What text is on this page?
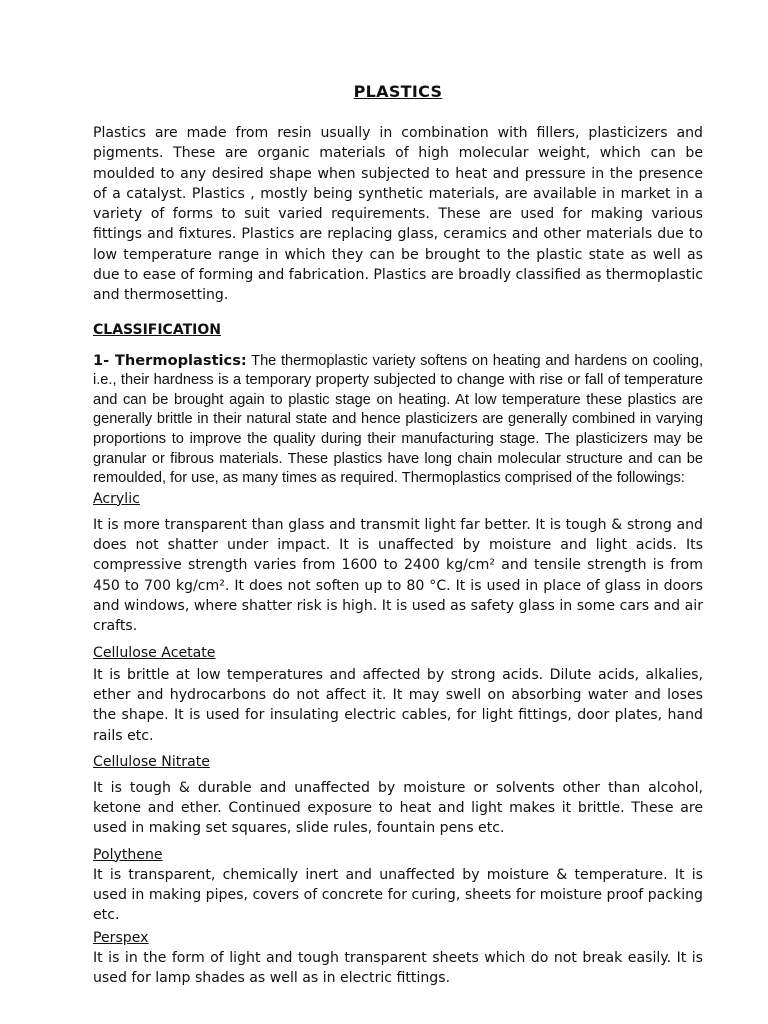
PLASTICS

Plastics are made from resin usually in combination with fillers, plasticizers and pigments. These are organic materials of high molecular weight, which can be moulded to any desired shape when subjected to heat and pressure in the presence of a catalyst. Plastics , mostly being synthetic materials, are available in market in a variety of forms to suit varied requirements. These are used for making various fittings and fixtures. Plastics are replacing glass, ceramics and other materials due to low temperature range in which they can be brought to the plastic state as well as due to ease of forming and fabrication. Plastics are broadly classified as thermoplastic and thermosetting.

CLASSIFICATION

1- Thermoplastics: The thermoplastic variety softens on heating and hardens on cooling, i.e., their hardness is a temporary property subjected to change with rise or fall of temperature and can be brought again to plastic stage on heating. At low temperature these plastics are generally brittle in their natural state and hence plasticizers are generally combined in varying proportions to improve the quality during their manufacturing stage. The plasticizers may be granular or fibrous materials. These plastics have long chain molecular structure and can be remoulded, for use, as many times as required. Thermoplastics comprised of the followings:

Acrylic

It is more transparent than glass and transmit light far better. It is tough & strong and does not shatter under impact. It is unaffected by moisture and light acids. Its compressive strength varies from 1600 to 2400 kg/cm² and tensile strength is from 450 to 700 kg/cm². It does not soften up to 80 °C. It is used in place of glass in doors and windows, where shatter risk is high. It is used as safety glass in some cars and air crafts.

Cellulose Acetate

It is brittle at low temperatures and affected by strong acids. Dilute acids, alkalies, ether and hydrocarbons do not affect it. It may swell on absorbing water and loses the shape. It is used for insulating electric cables, for light fittings, door plates, hand rails etc.

Cellulose Nitrate

It is tough & durable and unaffected by moisture or solvents other than alcohol, ketone and ether. Continued exposure to heat and light makes it brittle. These are used in making set squares, slide rules, fountain pens etc.

Polythene

It is transparent, chemically inert and unaffected by moisture & temperature. It is used in making pipes, covers of concrete for curing, sheets for moisture proof packing etc.

Perspex

It is in the form of light and tough transparent sheets which do not break easily. It is used for lamp shades as well as in electric fittings.
